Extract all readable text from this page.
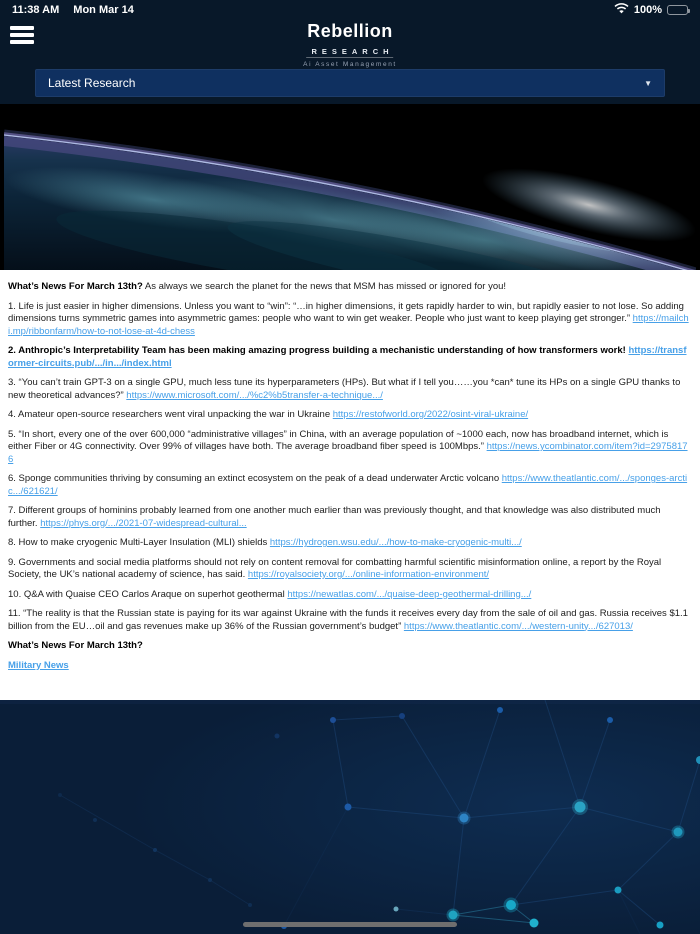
11:38 AM Mon Mar 14	100%
Rebellion
RESEARCH
Ai Asset Management
Latest Research	▼

What’s News For March 13th? As always we search the planet for the news that MSM has missed or ignored for you!

1. Life is just easier in higher dimensions. Unless you want to “win”: “…in higher dimensions, it gets rapidly harder to win, but rapidly easier to not lose. So adding dimensions turns symmetric games into asymmetric games: people who want to win get weaker. People who just want to keep playing get stronger.” https://mailchi.mp/ribbonfarm/how-to-not-lose-at-4d-chess

2. Anthropic’s Interpretability Team has been making amazing progress building a mechanistic understanding of how transformers work! https://transformer-circuits.pub/.../in.../index.html

3. “You can’t train GPT-3 on a single GPU, much less tune its hyperparameters (HPs). But what if I tell you……you *can* tune its HPs on a single GPU thanks to new theoretical advances?” https://www.microsoft.com/.../%c2%b5transfer-a-technique.../

4. Amateur open-source researchers went viral unpacking the war in Ukraine https://restofworld.org/2022/osint-viral-ukraine/

5. “In short, every one of the over 600,000 “administrative villages” in China, with an average population of ~1000 each, now has broadband internet, which is either Fiber or 4G connectivity. Over 99% of villages have both. The average broadband fiber speed is 100Mbps.” https://news.ycombinator.com/item?id=29758176

6. Sponge communities thriving by consuming an extinct ecosystem on the peak of a dead underwater Arctic volcano https://www.theatlantic.com/.../sponges-arctic.../621621/

7. Different groups of hominins probably learned from one another much earlier than was previously thought, and that knowledge was also distributed much further. https://phys.org/.../2021-07-widespread-cultural...

8. How to make cryogenic Multi-Layer Insulation (MLI) shields https://hydrogen.wsu.edu/.../how-to-make-cryogenic-multi.../

9. Governments and social media platforms should not rely on content removal for combatting harmful scientific misinformation online, a report by the Royal Society, the UK’s national academy of science, has said. https://royalsociety.org/.../online-information-environment/

10. Q&A with Quaise CEO Carlos Araque on superhot geothermal https://newatlas.com/.../quaise-deep-geothermal-drilling.../

11. “The reality is that the Russian state is paying for its war against Ukraine with the funds it receives every day from the sale of oil and gas. Russia receives $1.1 billion from the EU…oil and gas revenues make up 36% of the Russian government’s budget” https://www.theatlantic.com/.../western-unity.../627013/

What’s News For March 13th?

Military News
